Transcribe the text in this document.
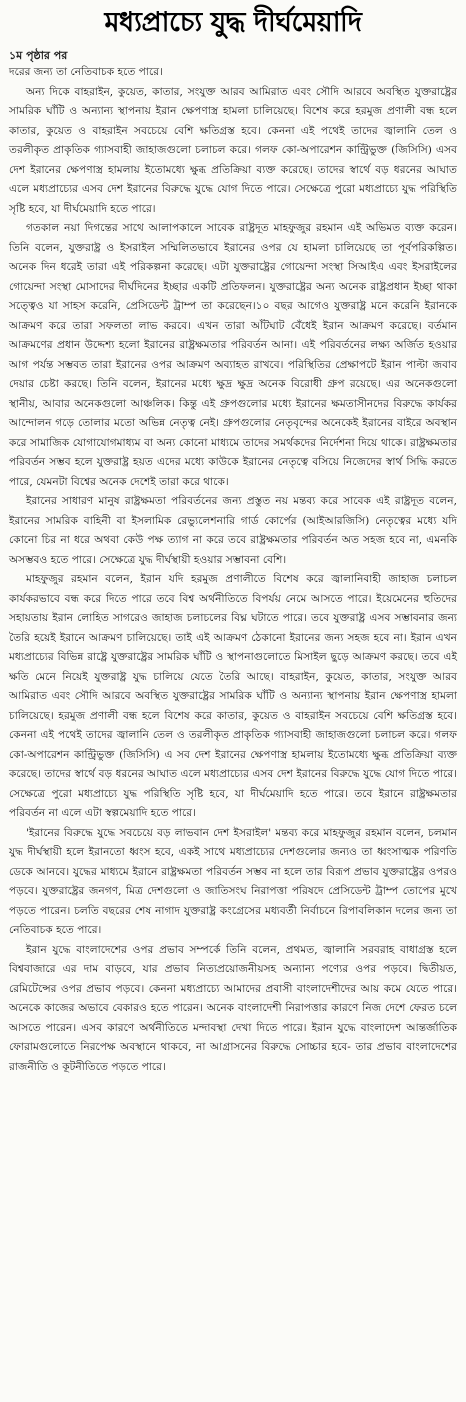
মধ্যপ্রাচ্যে যুদ্ধ দীর্ঘমেয়াদি

১ম পৃষ্ঠার পর

দরের জন্য তা নেতিবাচক হতে পারে।

অন্য দিকে বাহরাইন, কুয়েত, কাতার, সংযুক্ত আরব আমিরাত এবং সৌদি আরবে অবস্থিত যুক্তরাষ্ট্রের সামরিক ঘাঁটি ও অন্যান্য স্থাপনায় ইরান ক্ষেপণাস্ত্র হামলা চালিয়েছে। বিশেষ করে হরমুজ প্রণালী বন্ধ হলে কাতার, কুয়েত ও বাহরাইন সবচেয়ে বেশি ক্ষতিগ্রস্ত হবে। কেননা এই পথেই তাদের জ্বালানি তেল ও তরলীকৃত প্রাকৃতিক গ্যাসবাহী জাহাজগুলো চলাচল করে। গলফ কো-অপারেশন কান্ট্রিভুক্ত (জিসিসি) এসব দেশ ইরানের ক্ষেপণাস্ত্র হামলায় ইতোমধ্যে ক্ষুব্ধ প্রতিক্রিয়া ব্যক্ত করেছে। তাদের স্বার্থে বড় ধরনের আঘাত এলে মধ্যপ্রাচ্যের এসব দেশ ইরানের বিরুদ্ধে যুদ্ধে যোগ দিতে পারে। সেক্ষেত্রে পুরো মধ্যপ্রাচ্যে যুদ্ধ পরিস্থিতি সৃষ্টি হবে, যা দীর্ঘমেয়াদি হতে পারে।

গতকাল নয়া দিগন্তের সাথে আলাপকালে সাবেক রাষ্ট্রদূত মাহফুজুর রহমান এই অভিমত ব্যক্ত করেন। তিনি বলেন, যুক্তরাষ্ট্র ও ইসরাইল সম্মিলিতভাবে ইরানের ওপর যে হামলা চালিয়েছে তা পূর্বপরিকল্পিত। অনেক দিন ধরেই তারা এই পরিকল্পনা করেছে। এটা যুক্তরাষ্ট্রের গোয়েন্দা সংস্থা সিআইএ এবং ইসরাইলের গোয়েন্দা সংস্থা মোসাদের দীর্ঘদিনের ইচ্ছার একটি প্রতিফলন। যুক্তরাষ্ট্রের অন্য অনেক রাষ্ট্রপ্রধান ইচ্ছা থাকা সত্ত্বেও যা সাহস করেনি, প্রেসিডেন্ট ট্রাম্প তা করেছেন।১০ বছর আগেও যুক্তরাষ্ট্র মনে করেনি ইরানকে আক্রমণ করে তারা সফলতা লাভ করবে। এখন তারা আঁটঘাট বেঁধেই ইরান আক্রমণ করেছে। বর্তমান আক্রমণের প্রধান উদ্দেশ্য হলো ইরানের রাষ্ট্রক্ষমতার পরিবর্তন আনা। এই পরিবর্তনের লক্ষ্য অর্জিত হওয়ার আগ পর্যন্ত সম্ভবত তারা ইরানের ওপর আক্রমণ অব্যাহত রাখবে। পরিস্থিতির প্রেক্ষাপটে ইরান পাল্টা জবাব দেয়ার চেষ্টা করছে। তিনি বলেন, ইরানের মধ্যে ক্ষুদ্র ক্ষুদ্র অনেক বিরোধী গ্রুপ রয়েছে। এর অনেকগুলো স্থানীয়, আবার অনেকগুলো আঞ্চলিক। কিন্তু এই গ্রুপগুলোর মধ্যে ইরানের ক্ষমতাসীনদের বিরুদ্ধে কার্যকর আন্দোলন গড়ে তোলার মতো অভিন্ন নেতৃত্ব নেই। গ্রুপগুলোর নেতৃবৃন্দের অনেকেই ইরানের বাইরে অবস্থান করে সামাজিক যোগাযোগমাধ্যম বা অন্য কোনো মাধ্যমে তাদের সমর্থকদের নির্দেশনা দিয়ে থাকে। রাষ্ট্রক্ষমতার পরিবর্তন সম্ভব হলে যুক্তরাষ্ট্র হয়ত এদের মধ্যে কাউকে ইরানের নেতৃত্বে বসিয়ে নিজেদের স্বার্থ সিদ্ধি করতে পারে, যেমনটা বিশ্বের অনেক দেশেই তারা করে থাকে।

ইরানের সাধারণ মানুষ রাষ্ট্রক্ষমতা পরিবর্তনের জন্য প্রস্তুত নয় মন্তব্য করে সাবেক এই রাষ্ট্রদূত বলেন, ইরানের সামরিক বাহিনী বা ইসলামিক রেভ্যুলেশনারি গার্ড কোর্পের (আইআরজিসি) নেতৃত্বের মধ্যে যদি কোনো চির না ধরে অথবা কেউ পক্ষ ত্যাগ না করে তবে রাষ্ট্রক্ষমতার পরিবর্তন অত সহজ হবে না, এমনকি অসম্ভবও হতে পারে। সেক্ষেত্রে যুদ্ধ দীর্ঘস্থায়ী হওয়ার সম্ভাবনা বেশি।

মাহফুজুর রহমান বলেন, ইরান যদি হরমুজ প্রণালীতে বিশেষ করে জ্বালানিবাহী জাহাজ চলাচল কার্যকরভাবে বন্ধ করে দিতে পারে তবে বিশ্ব অর্থনীতিতে বিপর্যয় নেমে আসতে পারে। ইয়েমেনের হুতিদের সহায়তায় ইরান লোহিত সাগরেও জাহাজ চলাচলের বিঘ্ন ঘটাতে পারে। তবে যুক্তরাষ্ট্র এসব সম্ভাবনার জন্য তৈরি হয়েই ইরানে আক্রমণ চালিয়েছে। তাই এই আক্রমণ ঠেকানো ইরানের জন্য সহজ হবে না। ইরান এখন মধ্যপ্রাচ্যের বিভিন্ন রাষ্ট্রে যুক্তরাষ্ট্রের সামরিক ঘাঁটি ও স্থাপনাগুলোতে মিসাইল ছুড়ে আক্রমণ করছে। তবে এই ক্ষতি মেনে নিয়েই যুক্তরাষ্ট্র যুদ্ধ চালিয়ে যেতে তৈরি আছে। বাহরাইন, কুয়েত, কাতার, সংযুক্ত আরব আমিরাত এবং সৌদি আরবে অবস্থিত যুক্তরাষ্ট্রের সামরিক ঘাঁটি ও অন্যান্য স্থাপনায় ইরান ক্ষেপণাস্ত্র হামলা চালিয়েছে। হরমুজ প্রণালী বন্ধ হলে বিশেষ করে কাতার, কুয়েত ও বাহরাইন সবচেয়ে বেশি ক্ষতিগ্রস্ত হবে। কেননা এই পথেই তাদের জ্বালানি তেল ও তরলীকৃত প্রাকৃতিক গ্যাসবাহী জাহাজগুলো চলাচল করে। গলফ কো-অপারেশন কান্ট্রিভুক্ত (জিসিসি) এ সব দেশ ইরানের ক্ষেপণাস্ত্র হামলায় ইতোমধ্যে ক্ষুব্ধ প্রতিক্রিয়া ব্যক্ত করেছে। তাদের স্বার্থে বড় ধরনের আঘাত এলে মধ্যপ্রাচ্যের এসব দেশ ইরানের বিরুদ্ধে যুদ্ধে যোগ দিতে পারে। সেক্ষেত্রে পুরো মধ্যপ্রাচ্যে যুদ্ধ পরিস্থিতি সৃষ্টি হবে, যা দীর্ঘমেয়াদি হতে পারে। তবে ইরানে রাষ্ট্রক্ষমতার পরিবর্তন না এলে এটা স্বল্পমেয়াদি হতে পারে।

'ইরানের বিরুদ্ধে যুদ্ধে সবচেয়ে বড় লাভবান দেশ ইসরাইল' মন্তব্য করে মাহফুজুর রহমান বলেন, চলমান যুদ্ধ দীর্ঘস্থায়ী হলে ইরানতো ধ্বংস হবে, একই সাথে মধ্যপ্রাচ্যের দেশগুলোর জন্যও তা ধ্বংসাত্মক পরিণতি ডেকে আনবে। যুদ্ধের মাধ্যমে ইরানে রাষ্ট্রক্ষমতা পরিবর্তন সম্ভব না হলে তার বিরূপ প্রভাব যুক্তরাষ্ট্রের ওপরও পড়বে। যুক্তরাষ্ট্রের জনগণ, মিত্র দেশগুলো ও জাতিসংঘ নিরাপত্তা পরিষদে প্রেসিডেন্ট ট্রাম্প তোপের মুখে পড়তে পারেন। চলতি বছরের শেষ নাগাদ যুক্তরাষ্ট্র কংগ্রেসের মধ্যবর্তী নির্বাচনে রিপাবলিকান দলের জন্য তা নেতিবাচক হতে পারে।

ইরান যুদ্ধে বাংলাদেশের ওপর প্রভাব সম্পর্কে তিনি বলেন, প্রথমত, জ্বালানি সরবরাহ বাধাগ্রস্ত হলে বিশ্ববাজারে এর দাম বাড়বে, যার প্রভাব নিত্যপ্রয়োজনীয়সহ অন্যান্য পণ্যের ওপর পড়বে। দ্বিতীয়ত, রেমিটেন্সের ওপর প্রভাব পড়বে। কেননা মধ্যপ্রাচ্যে আমাদের প্রবাসী বাংলাদেশীদের আয় কমে যেতে পারে। অনেকে কাজের অভাবে বেকারও হতে পারেন। অনেক বাংলাদেশী নিরাপত্তার কারণে নিজ দেশে ফেরত চলে আসতে পারেন। এসব কারণে অর্থনীতিতে মন্দাবস্থা দেখা দিতে পারে। ইরান যুদ্ধে বাংলাদেশ আন্তর্জাতিক ফোরামগুলোতে নিরপেক্ষ অবস্থানে থাকবে, না আগ্রাসনের বিরুদ্ধে সোচ্চার হবে- তার প্রভাব বাংলাদেশের রাজনীতি ও কূটনীতিতে পড়তে পারে।
